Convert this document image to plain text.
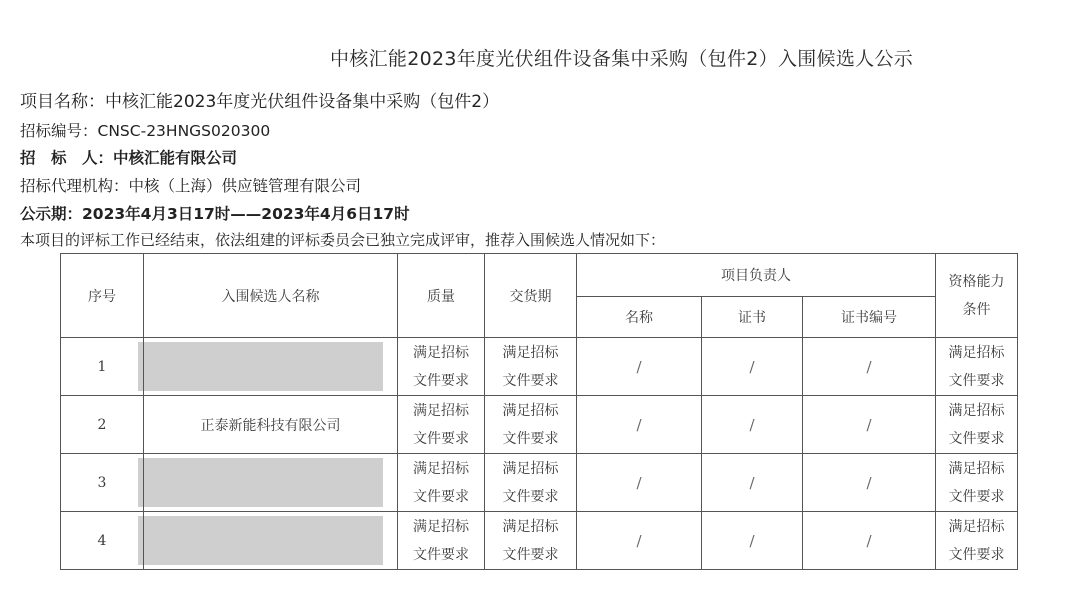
中核汇能2023年度光伏组件设备集中采购（包件2）入围候选人公示
项目名称：中核汇能2023年度光伏组件设备集中采购（包件2）
招标编号：CNSC-23HNGS020300
招　标　人：中核汇能有限公司
招标代理机构：中核（上海）供应链管理有限公司
公示期：2023年4月3日17时——2023年4月6日17时
本项目的评标工作已经结束，依法组建的评标委员会已独立完成评审，推荐入围候选人情况如下：
序号	入围候选人名称	质量	交货期	项目负责人			资格能力
条件

				名称	证书	证书编号	
1		满足招标
文件要求	满足招标
文件要求	/	/	/	满足招标
文件要求

2	正泰新能科技有限公司	满足招标
文件要求	满足招标
文件要求	/	/	/	满足招标
文件要求

3		满足招标
文件要求	满足招标
文件要求	/	/	/	满足招标
文件要求

4		满足招标
文件要求	满足招标
文件要求	/	/	/	满足招标
文件要求
